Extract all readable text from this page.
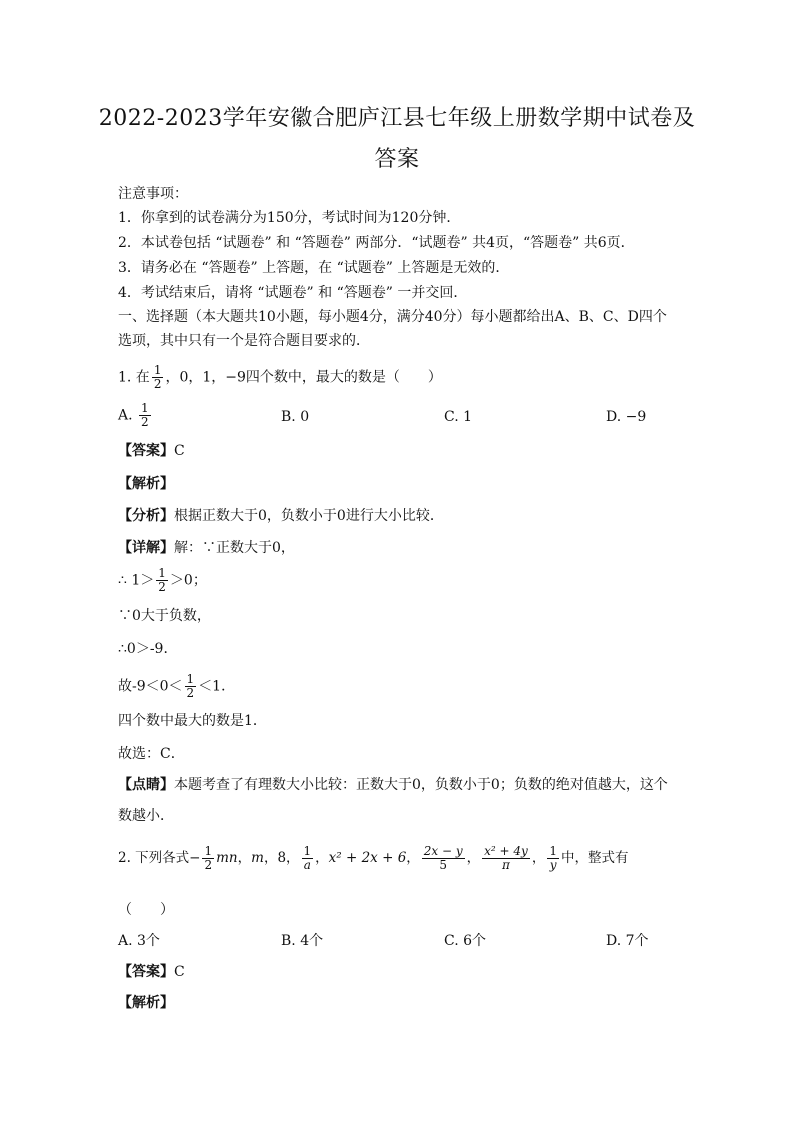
2022-2023学年安徽合肥庐江县七年级上册数学期中试卷及
答案
注意事项：
1．你拿到的试卷满分为150分，考试时间为120分钟．
2．本试卷包括 “试题卷” 和 “答题卷” 两部分．“试题卷” 共4页，“答题卷” 共6页．
3．请务必在 “答题卷” 上答题，在 “试题卷” 上答题是无效的．
4．考试结束后，请将 “试题卷” 和 “答题卷” 一并交回．
一、选择题（本大题共10小题，每小题4分，满分40分）每小题都给出A、B、C、D四个
选项，其中只有一个是符合题目要求的．
1. 在 $\frac{1}{2}$ ，0，1，−9四个数中，最大的数是（　　）
A. $\frac{1}{2}$	B. 0	C. 1	D. −9
【答案】C
【解析】
【分析】根据正数大于0，负数小于0进行大小比较．
【详解】解：∵正数大于0，
∴ $1> \frac{1}{2} >0$；
∵0大于负数，
∴0＞-9．
故$-9<0< \frac{1}{2} <1$．
四个数中最大的数是1．
故选：C．
【点睛】本题考查了有理数大小比较：正数大于0，负数小于0；负数的绝对值越大，这个
数越小．
2. 下列各式− $\frac{1}{2}$ mn，m，8， $\frac{1}{a}$ ，x² + 2x + 6， $\frac{2x - y}{5}$ ， $\frac{\text{x² + 4y}}{\pi}$ ， $\frac{1}{y}$ 中，整式有
（　　）
A. 3个	B. 4个	C. 6个	D. 7个
【答案】C
【解析】
